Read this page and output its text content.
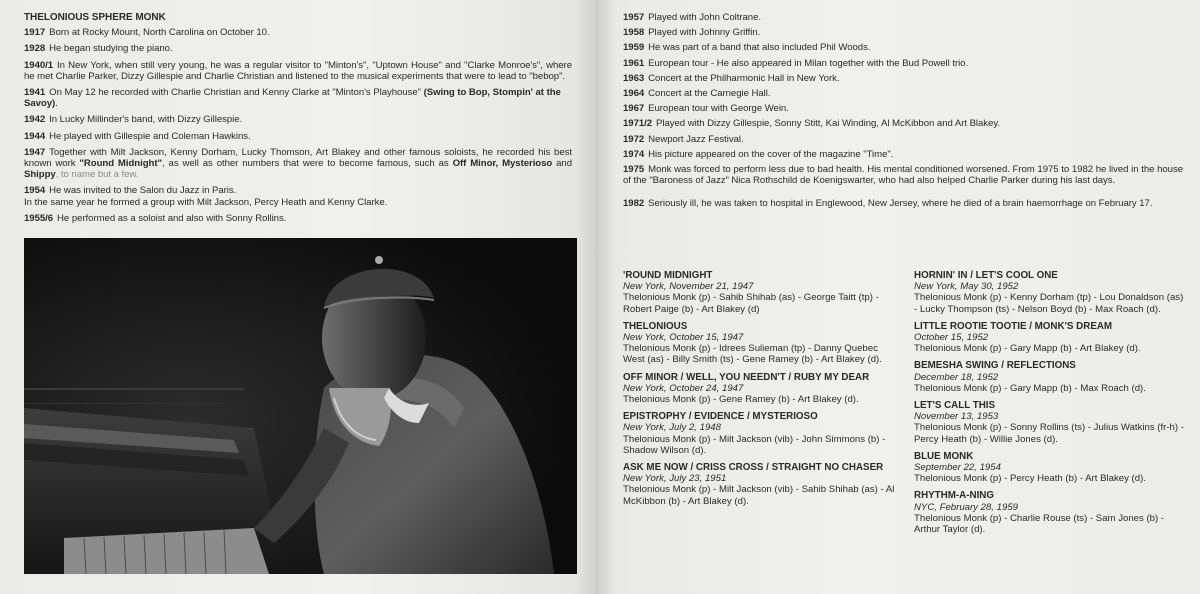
THELONIOUS SPHERE MONK
1917 Born at Rocky Mount, North Carolina on October 10.
1928 He began studying the piano.
1940/1 In New York, when still very young, he was a regular visitor to "Minton's", "Uptown House" and "Clarke Monroe's", where he met Charlie Parker, Dizzy Gillespie and Charlie Christian and listened to the musical experiments that were to lead to "bebop".
1941 On May 12 he recorded with Charlie Christian and Kenny Clarke at "Minton's Playhouse" (Swing to Bop, Stompin' at the Savoy).
1942 In Lucky Millinder's band, with Dizzy Gillespie.
1944 He played with Gillespie and Coleman Hawkins.
1947 Together with Milt Jackson, Kenny Dorham, Lucky Thomson, Art Blakey and other famous soloists, he recorded his best known work "Round Midnight", as well as other numbers that were to become famous, such as Off Minor, Mysterioso and Shippy, to name but a few.
1954 He was invited to the Salon du Jazz in Paris.
In the same year he formed a group with Milt Jackson, Percy Heath and Kenny Clarke.
1955/6 He performed as a soloist and also with Sonny Rollins.
1957 Played with John Coltrane.
1958 Played with Johnny Griffin.
1959 He was part of a band that also included Phil Woods.
1961 European tour - He also appeared in Milan together with the Bud Powell trio.
1963 Concert at the Philharmonic Hall in New York.
1964 Concert at the Carnegie Hall.
1967 European tour with George Wein.
1971/2 Played with Dizzy Gillespie, Sonny Stitt, Kai Winding, Al McKibbon and Art Blakey.
1972 Newport Jazz Festival.
1974 His picture appeared on the cover of the magazine "Time".
1975 Monk was forced to perform less due to bad health. His mental conditioned worsened. From 1975 to 1982 he lived in the house of the "Baroness of Jazz" Nica Rothschild de Koenigswarter, who had also helped Charlie Parker during his last days.
1982 Seriously ill, he was taken to hospital in Englewood, New Jersey, where he died of a brain haemorrhage on February 17.
'ROUND MIDNIGHT
New York, November 21, 1947
Thelonious Monk (p) - Sahib Shihab (as) - George Taitt (tp) - Robert Paige (b) - Art Blakey (d)
THELONIOUS
New York, October 15, 1947
Thelonious Monk (p) - Idrees Sulieman (tp) - Danny Quebec West (as) - Billy Smith (ts) - Gene Ramey (b) - Art Blakey (d).
OFF MINOR / WELL, YOU NEEDN'T / RUBY MY DEAR
New York, October 24, 1947
Thelonious Monk (p) - Gene Ramey (b) - Art Blakey (d).
EPISTROPHY / EVIDENCE / MYSTERIOSO
New York, July 2, 1948
Thelonious Monk (p) - Milt Jackson (vib) - John Simmons (b) - Shadow Wilson (d).
ASK ME NOW / CRISS CROSS / STRAIGHT NO CHASER
New York, July 23, 1951
Thelonious Monk (p) - Milt Jackson (vib) - Sahib Shihab (as) - Al McKibbon (b) - Art Blakey (d).
HORNIN' IN / LET'S COOL ONE
New York, May 30, 1952
Thelonious Monk (p) - Kenny Dorham (tp) - Lou Donaldson (as) - Lucky Thompson (ts) - Nelson Boyd (b) - Max Roach (d).
LITTLE ROOTIE TOOTIE / MONK'S DREAM
October 15, 1952
Thelonious Monk (p) - Gary Mapp (b) - Art Blakey (d).
BEMESHA SWING / REFLECTIONS
December 18, 1952
Thelonious Monk (p) - Gary Mapp (b) - Max Roach (d).
LET'S CALL THIS
November 13, 1953
Thelonious Monk (p) - Sonny Rollins (ts) - Julius Watkins (fr-h) - Percy Heath (b) - Willie Jones (d).
BLUE MONK
September 22, 1954
Thelonious Monk (p) - Percy Heath (b) - Art Blakey (d).
RHYTHM-A-NING
NYC, February 28, 1959
Thelonious Monk (p) - Charlie Rouse (ts) - Sam Jones (b) - Arthur Taylor (d).
